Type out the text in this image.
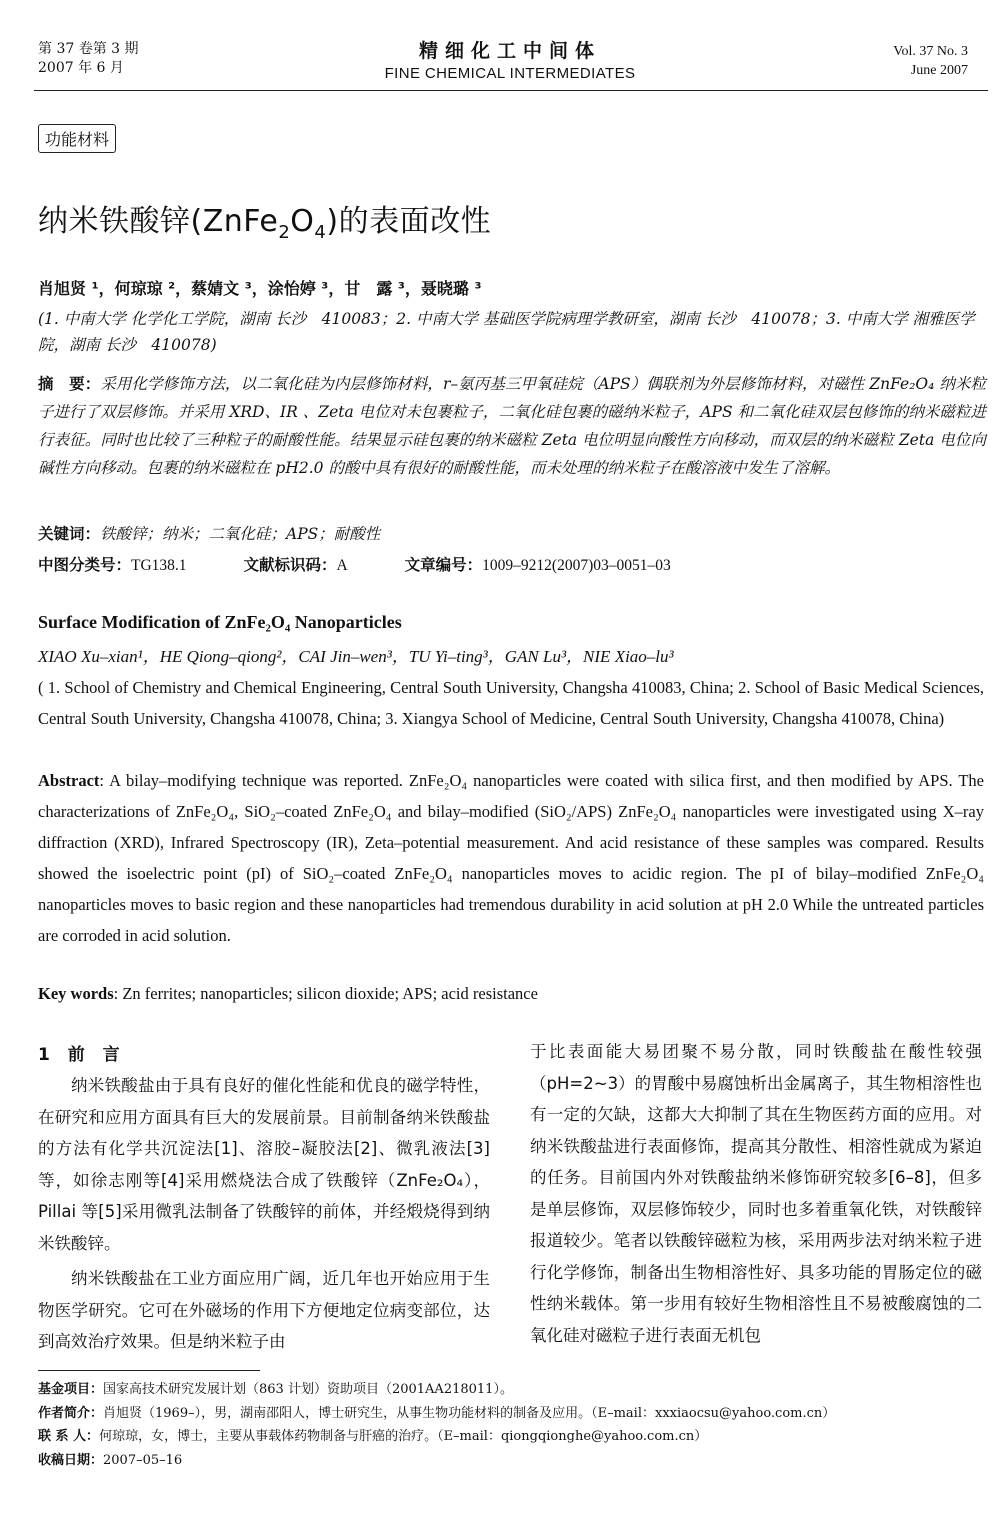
第 37 卷第 3 期
2007 年 6 月
精细化工中间体
FINE CHEMICAL INTERMEDIATES
Vol. 37 No. 3
June 2007
功能材料
纳米铁酸锌$(ZnFe_2O_4)$的表面改性
肖旭贤 ¹，何琼琼 ²，蔡婧文 ³，涂怡婷 ³，甘　露 ³，聂晓璐 ³
(1. 中南大学 化学化工学院，湖南 长沙　410083；2. 中南大学 基础医学院病理学教研室，湖南 长沙　410078；3. 中南大学 湘雅医学院，湖南 长沙　410078)
摘　要：采用化学修饰方法，以二氧化硅为内层修饰材料，r–氨丙基三甲氧硅烷（APS）偶联剂为外层修饰材料，对磁性 ZnFe₂O₄ 纳米粒子进行了双层修饰。并采用 XRD、IR 、Zeta 电位对未包裹粒子，二氧化硅包裹的磁纳米粒子，APS 和二氧化硅双层包修饰的纳米磁粒进行表征。同时也比较了三种粒子的耐酸性能。结果显示硅包裹的纳米磁粒 Zeta 电位明显向酸性方向移动，而双层的纳米磁粒 Zeta 电位向碱性方向移动。包裹的纳米磁粒在 pH2.0 的酸中具有很好的耐酸性能，而未处理的纳米粒子在酸溶液中发生了溶解。
关键词：铁酸锌；纳米；二氧化硅；APS；耐酸性
中图分类号：TG138.1	文献标识码：A	文章编号：1009–9212(2007)03–0051–03
Surface Modification of ZnFe₂O₄ Nanoparticles
XIAO Xu–xian¹，HE Qiong–qiong²，CAI Jin–wen³，TU Yi–ting³，GAN Lu³，NIE Xiao–lu³
( 1. School of Chemistry and Chemical Engineering, Central South University, Changsha 410083, China; 2. School of Basic Medical Sciences, Central South University, Changsha 410078, China; 3. Xiangya School of Medicine, Central South University, Changsha 410078, China)
Abstract: A bilay–modifying technique was reported. ZnFe₂O₄ nanoparticles were coated with silica first, and then modified by APS. The characterizations of ZnFe₂O₄, SiO₂–coated ZnFe₂O₄ and bilay–modified (SiO₂/APS) ZnFe₂O₄ nanoparticles were investigated using X–ray diffraction (XRD), Infrared Spectroscopy (IR), Zeta–potential measurement. And acid resistance of these samples was compared. Results showed the isoelectric point (pI) of SiO₂–coated ZnFe₂O₄ nanoparticles moves to acidic region. The pI of bilay–modified ZnFe₂O₄ nanoparticles moves to basic region and these nanoparticles had tremendous durability in acid solution at pH 2.0 While the untreated particles are corroded in acid solution.
Key words: Zn ferrites; nanoparticles; silicon dioxide; APS; acid resistance
1 前 言

纳米铁酸盐由于具有良好的催化性能和优良的磁学特性，在研究和应用方面具有巨大的发展前景。目前制备纳米铁酸盐的方法有化学共沉淀法[1]、溶胶–凝胶法[2]、微乳液法[3]等，如徐志刚等[4]采用燃烧法合成了铁酸锌（ZnFe₂O₄），Pillai 等[5]采用微乳法制备了铁酸锌的前体，并经煅烧得到纳米铁酸锌。

纳米铁酸盐在工业方面应用广阔，近几年也开始应用于生物医学研究。它可在外磁场的作用下方便地定位病变部位，达到高效治疗效果。但是纳米粒子由

于比表面能大易团聚不易分散，同时铁酸盐在酸性较强（pH=2~3）的胃酸中易腐蚀析出金属离子，其生物相溶性也有一定的欠缺，这都大大抑制了其在生物医药方面的应用。对纳米铁酸盐进行表面修饰，提高其分散性、相溶性就成为紧迫的任务。目前国内外对铁酸盐纳米修饰研究较多[6–8]，但多是单层修饰，双层修饰较少，同时也多着重氧化铁，对铁酸锌报道较少。笔者以铁酸锌磁粒为核，采用两步法对纳米粒子进行化学修饰，制备出生物相溶性好、具多功能的胃肠定位的磁性纳米载体。第一步用有较好生物相溶性且不易被酸腐蚀的二氧化硅对磁粒子进行表面无机包

基金项目：国家高技术研究发展计划（863 计划）资助项目（2001AA218011）。
作者简介：肖旭贤（1969–），男，湖南邵阳人，博士研究生，从事生物功能材料的制备及应用。（E–mail：xxxiaocsu@yahoo.com.cn）
联 系 人：何琼琼，女，博士，主要从事载体药物制备与肝癌的治疗。（E–mail：qiongqionghe@yahoo.com.cn）
收稿日期：2007–05–16
